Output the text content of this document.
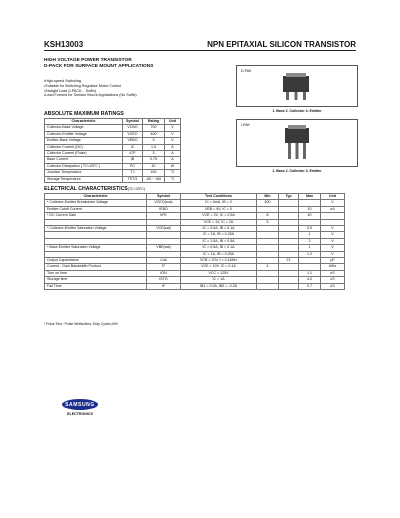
KSH13003	NPN EPITAXIAL SILICON TRANSISTOR
HIGH VOLTAGE POWER TRANSISTOR
D-PACK FOR SURFACE MOUNT APPLICATIONS
• High-speed Switching
• Suitable for Switching Regulator Motor Control
• Straight Lead (I-PACK, - Suffix)
• Lead Formed for Surface Mount Applications (No Suffix)
D-PAK
1. Base 2. Collector 3. Emitter
I-PAK
1. Base 2. Collector 3. Emitter
ABSOLUTE MAXIMUM RATINGS
Characteristic	Symbol	Rating	Unit
Collector-Base Voltage	VCBO	700	V
Collector-Emitter Voltage	VCEO	400	V
Emitter-Base Voltage	VEBO	9	V
Collector Current (DC)	IC	1.5	A
Collector Current (Pulse)	ICP	3	A
Base Current	IB	0.75	A
Collector Dissipation ( TC=25°C )	PC	40	W
Junction Temperature	TJ	150	°C
Storage Temperature	TSTG	-65 ~ 150	°C
ELECTRICAL CHARACTERISTICS(TC=25°C)
Characteristic	Symbol	Test Conditions	Min	Typ	Max	Unit
* Collector-Emitter Breakdown Voltage	VCEO(sus)	IC = 5mA, IB = 0	400			V
Emitter Cutoff Current	IEBO	VEB = 9V, IC = 0			10	uA
* DC Current Gain	hFE	VCE = 2V, IC = 0.5A	8		40	
		VCE = 1V, IC = 2A	5			
* Collector-Emitter Saturation Voltage	VCE(sat)	IC = 0.5A, IB = 0.1A			0.5	V
		IC = 1A, IB = 0.25A			1	V
		IC = 1.5A, IB = 0.5A			3	V
* Base-Emitter Saturation Voltage	VBE(sat)	IC = 0.5A, IB = 0.1A			1	V
		IC = 1A, IB = 0.25A			1.2	V
Output Capacitance	Cob	VCB = 10V, f = 0.1MHz		21		pF
Current - Gain Bandwidth Product	fT	VCE = 10V, IC = 0.1A	4			MHz
Turn on time	tON	VCC = 125V			1.1	uS
Storage time	tSTG	IC = 1A			4.0	uS
Fall Time	tF	IB1 = 0.2A, IB2 = -0.2A			0.7	uS
* Pulse Test : Pulse Width≤5ms, Duty Cycle≤10%
SAMSUNG
ELECTRONICS
